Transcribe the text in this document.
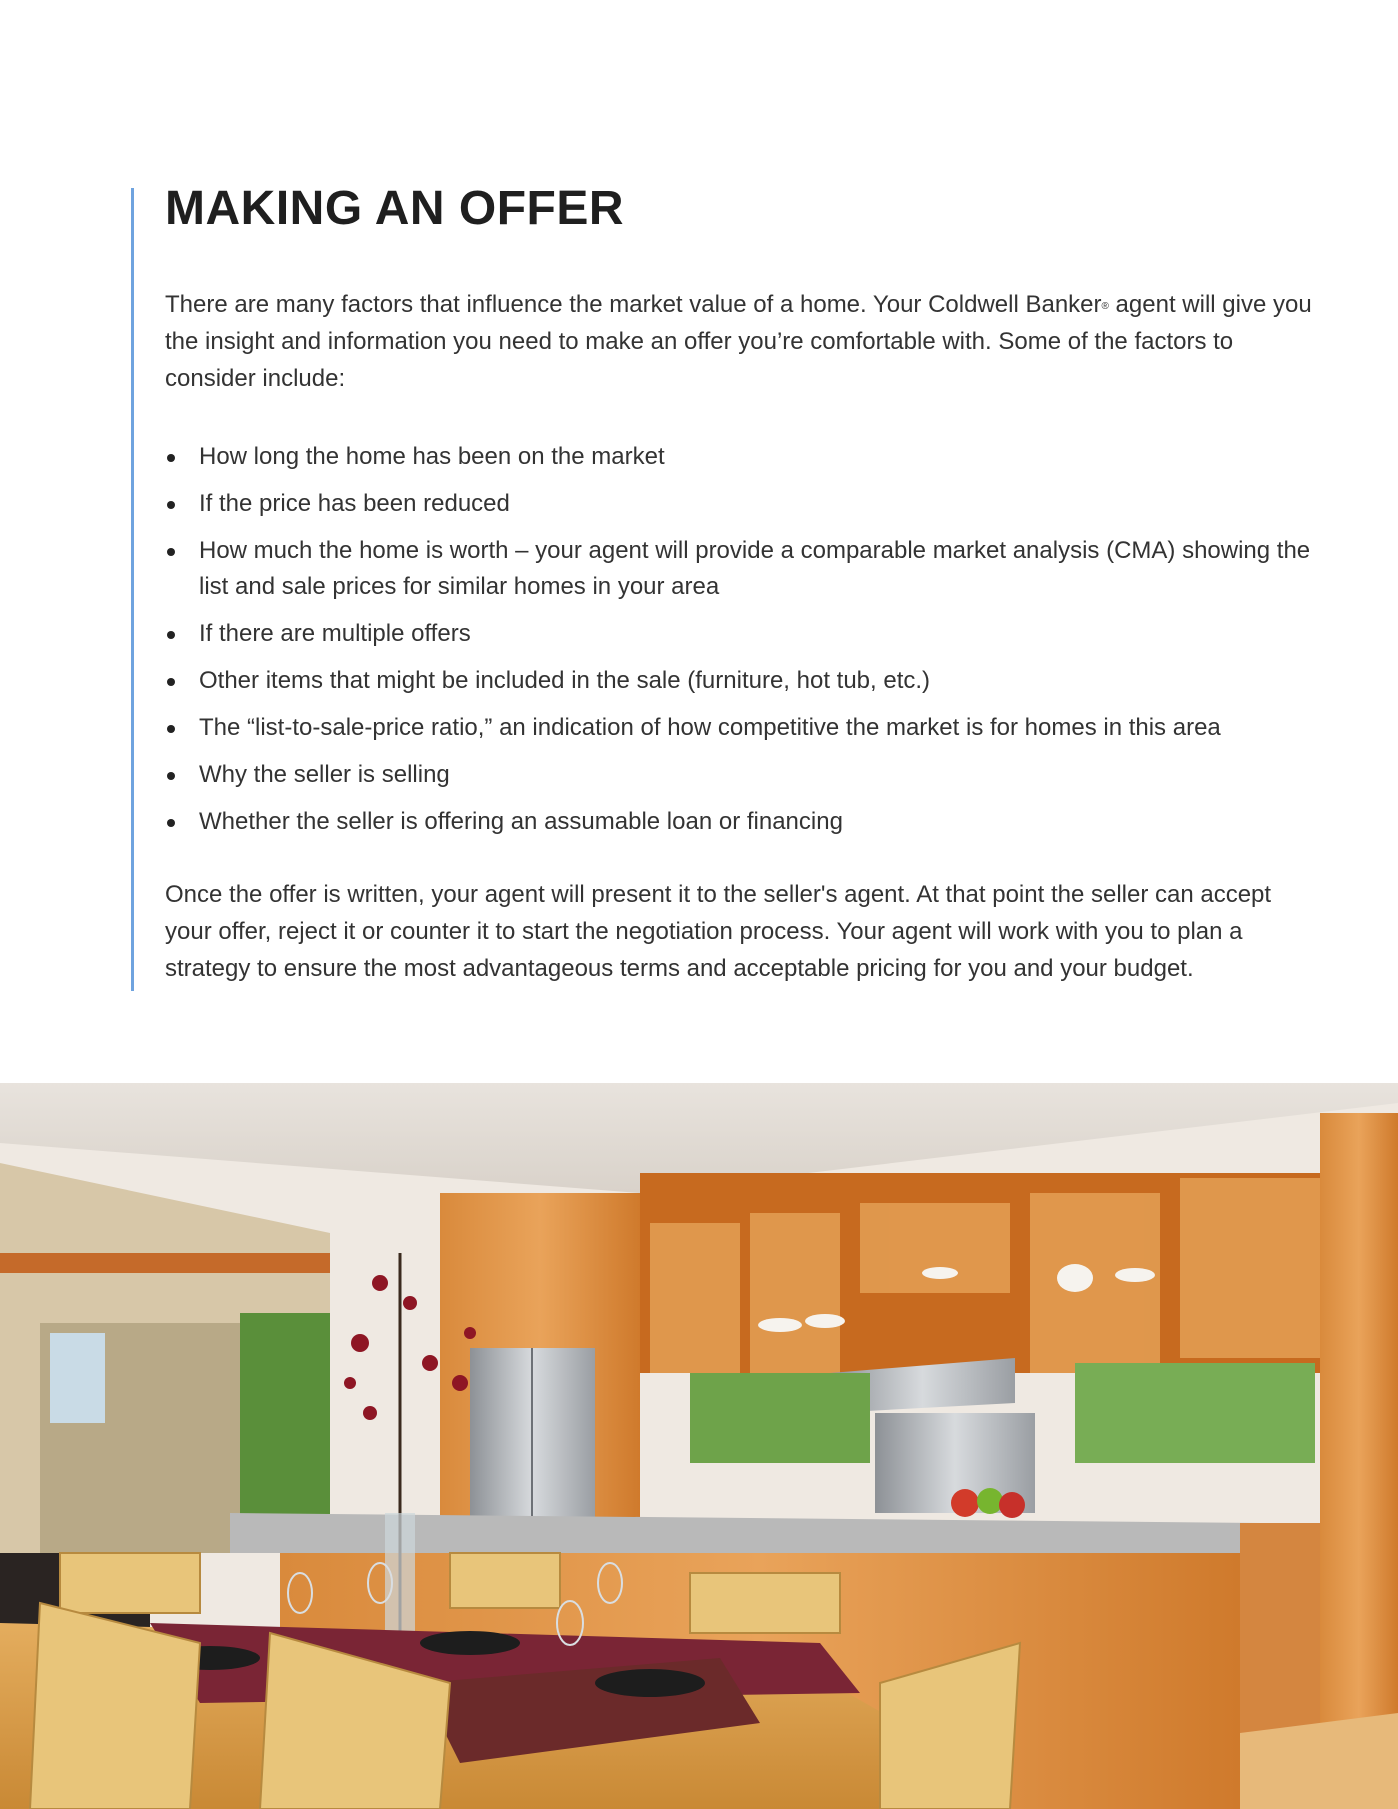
MAKING AN OFFER

There are many factors that influence the market value of a home. Your Coldwell Banker® agent will give you the insight and information you need to make an offer you’re comfortable with. Some of the factors to consider include:

How long the home has been on the market
If the price has been reduced
How much the home is worth – your agent will provide a comparable market analysis (CMA) showing the list and sale prices for similar homes in your area
If there are multiple offers
Other items that might be included in the sale (furniture, hot tub, etc.)
The “list-to-sale-price ratio,” an indication of how competitive the market is for homes in this area
Why the seller is selling
Whether the seller is offering an assumable loan or financing

Once the offer is written, your agent will present it to the seller's agent. At that point the seller can accept your offer, reject it or counter it to start the negotiation process. Your agent will work with you to plan a strategy to ensure the most advantageous terms and acceptable pricing for you and your budget.
